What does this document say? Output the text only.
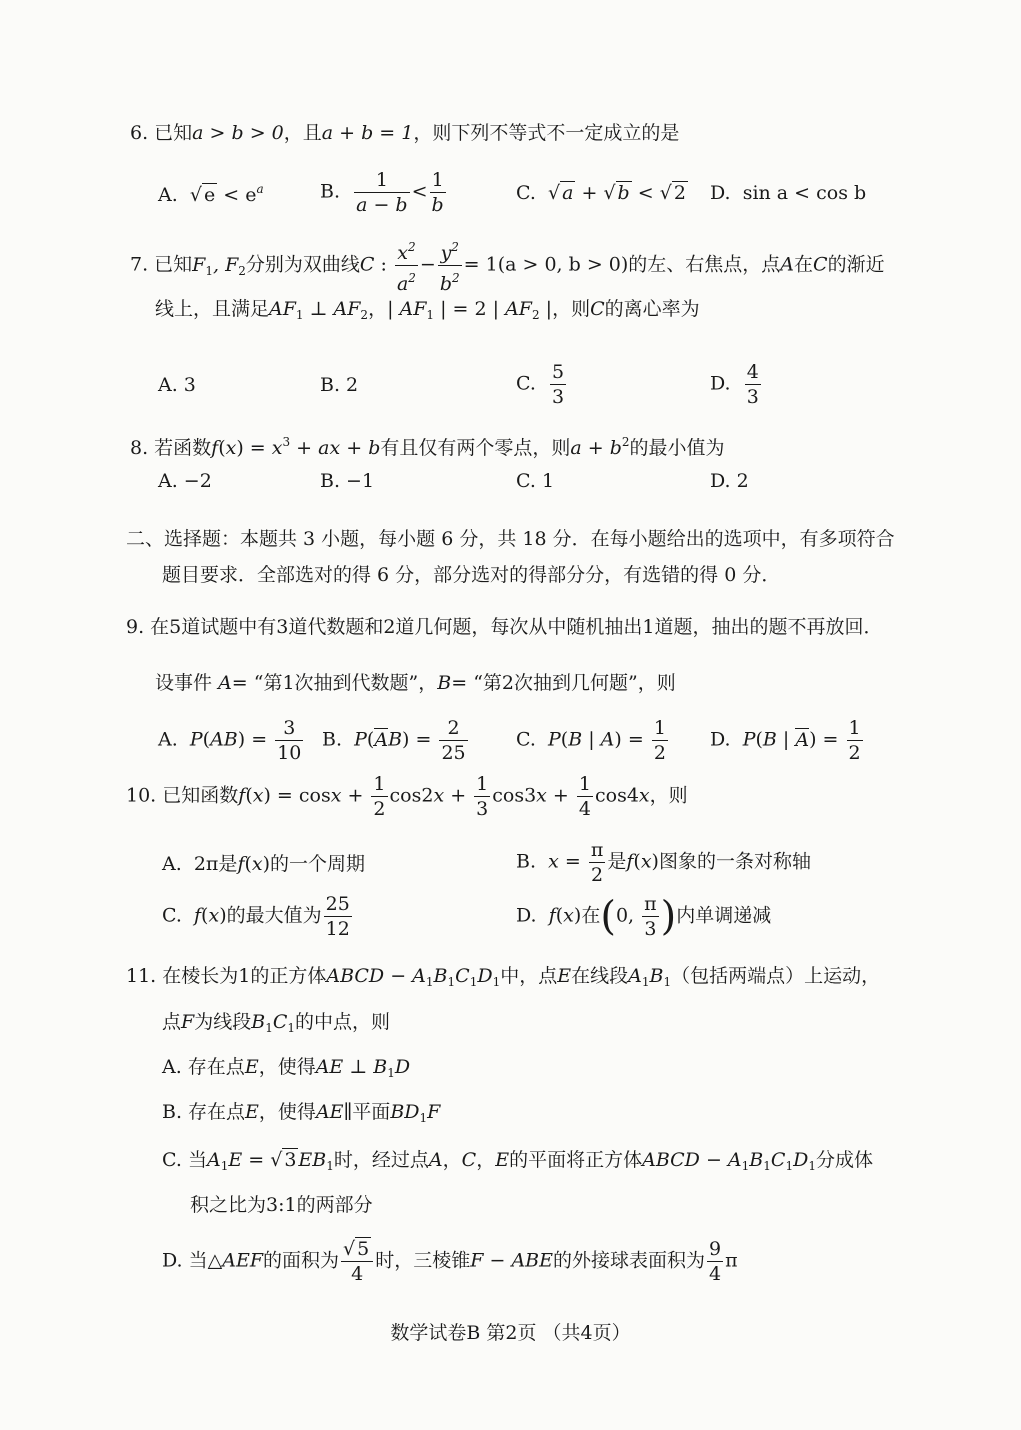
6. 已知a > b > 0，且a + b = 1，则下列不等式不一定成立的是
A. √ $e < e^a$	B. $\frac{1}{a - b} < \frac{1}{b}$	C. √ a + √ b < √ 2 D. sin a < cos b
7. 已知$F_1$, $F_2$分别为双曲线C : $\frac{x^2}{a^2} - \frac{y^2}{b^2} = 1(a > 0$, b > 0)的左、右焦点，点A在C的渐近
线上，且满足$AF_1$ ⊥ $AF_2$，| $AF_1$ | = 2 | $AF_2$ |，则C的离心率为
A. 3	B. 2	C. $\frac{5}{3}$	D. $\frac{4}{3}$
8. 若函数$f(x) = x^3$ + ax + b有且仅有两个零点，则$a + b^2$的最小值为
A. −2	B. −1	C. 1	D. 2
二、选择题：本题共 3 小题，每小题 6 分，共 18 分．在每小题给出的选项中，有多项符合
题目要求．全部选对的得 6 分，部分选对的得部分分，有选错的得 0 分．
9. 在5道试题中有3道代数题和2道几何题，每次从中随机抽出1道题，抽出的题不再放回．
设事件 A= “第1次抽到代数题”，B= “第2次抽到几何题”，则
A. $P(AB) = \frac{3}{10} B$. $P(AB) = \frac{2}{25}$	C. P(B | $A) = \frac{1}{2} D$. P(B | $A) = \frac{1}{2}$
10. 已知函数$f(x) = \cos x + \frac{1}{2} \cos 2x + \frac{1}{3} \cos 3x + \frac{1}{4} \cos 4x$，则
A.  2π是f(x)的一个周期	B. $x = \frac{\pi}{2}$ 是f(x)图象的一条对称轴
C. f(x)的最大值为 $\frac{25}{12}$	D. f(x)在(0, $\frac{\pi}{3}$ )内单调递减
11. 在棱长为1的正方体ABCD − $A_1B_1C_1D_1$中，点E在线段$A_1B_1$（包括两端点）上运动，
点F为线段$B_1C_1$的中点，则
A. 存在点E，使得AE ⊥ $B_1D$
B. 存在点E，使得AE∥平面$BD_1F$
C. 当$A_1E$ = √ 3 $EB_1$时，经过点A，C，E的平面将正方体ABCD − $A_1B_1C_1D_1$分成体
积之比为3:1的两部分
D. 当△AEF的面积为 $\frac{√ 5}{4}$ 时，三棱锥F − ABE的外接球表面积为 $\frac{9}{4}$ π
数学试卷B 第2页 （共4页）
